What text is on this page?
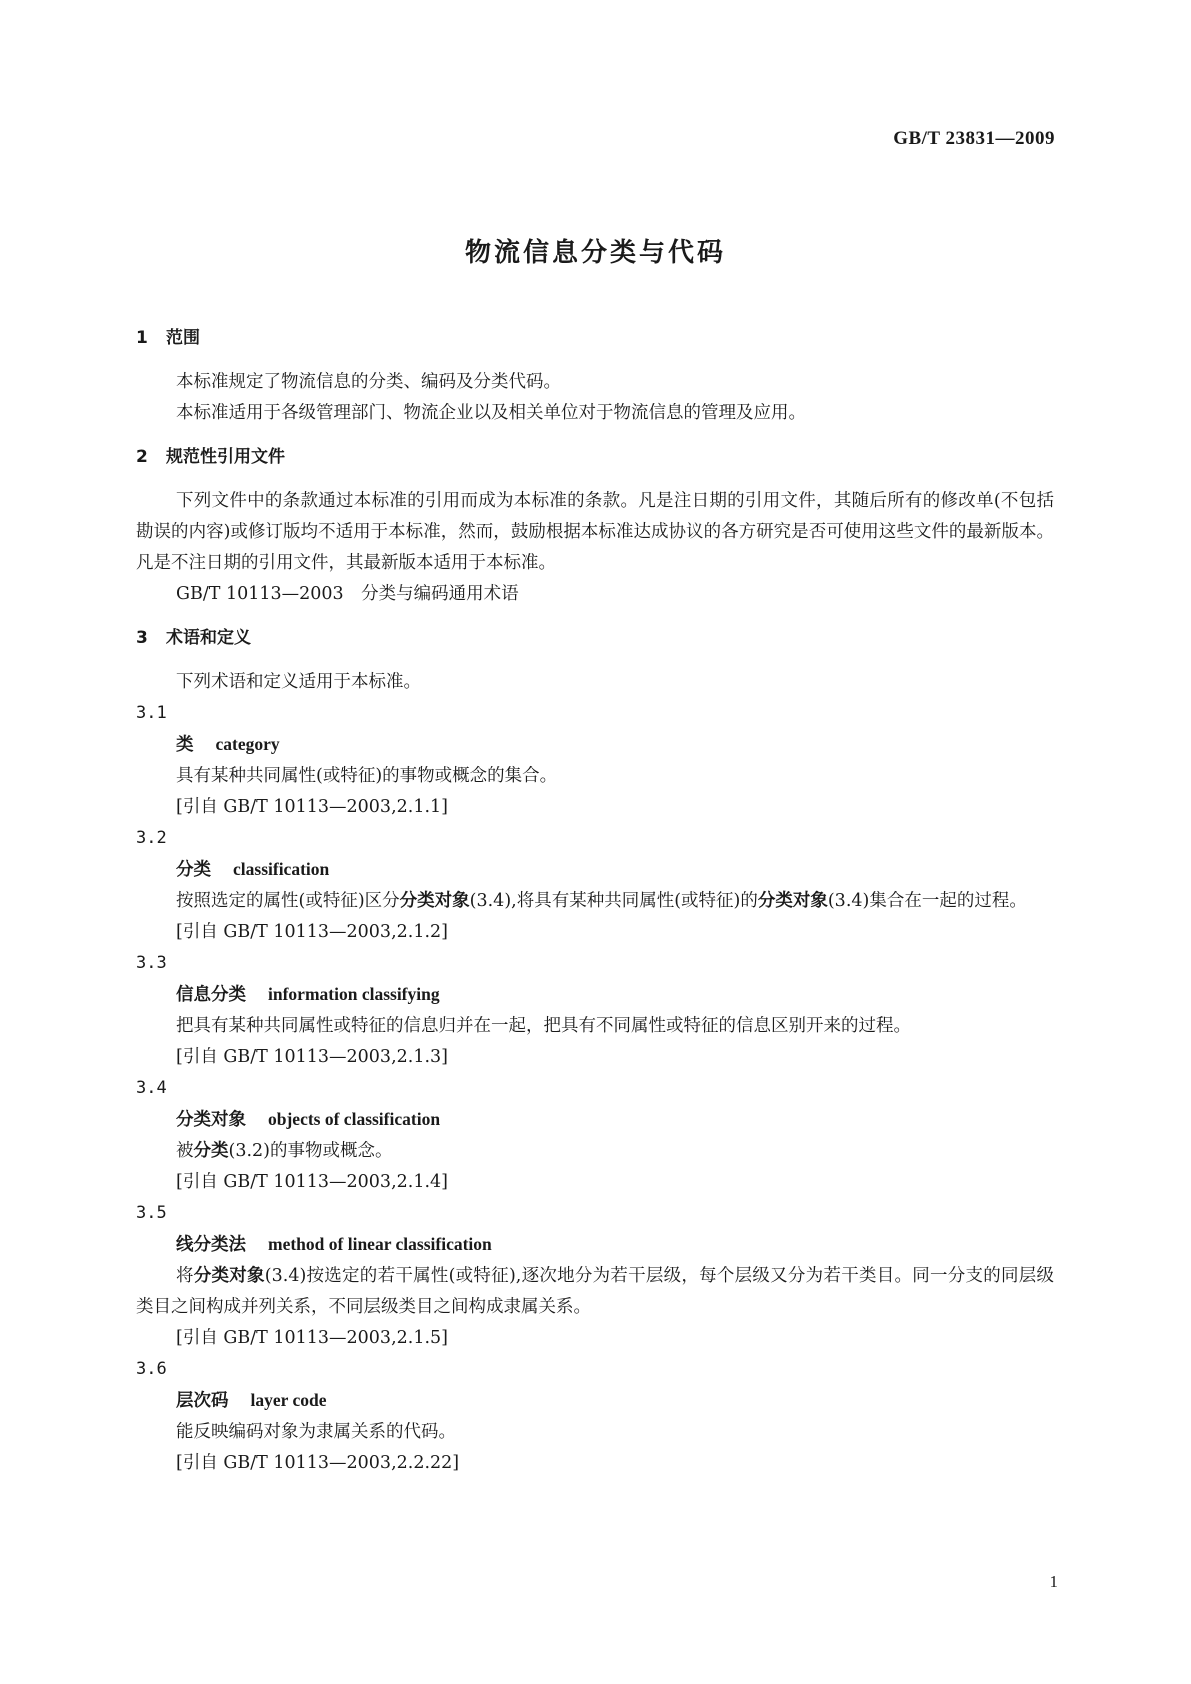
GB/T 23831—2009
物流信息分类与代码
1 范围

本标准规定了物流信息的分类、编码及分类代码。

本标准适用于各级管理部门、物流企业以及相关单位对于物流信息的管理及应用。

2 规范性引用文件

下列文件中的条款通过本标准的引用而成为本标准的条款。凡是注日期的引用文件，其随后所有的修改单(不包括勘误的内容)或修订版均不适用于本标准，然而，鼓励根据本标准达成协议的各方研究是否可使用这些文件的最新版本。凡是不注日期的引用文件，其最新版本适用于本标准。

GB/T 10113—2003　分类与编码通用术语
3 术语和定义

下列术语和定义适用于本标准。

3.1
类 category

具有某种共同属性(或特征)的事物或概念的集合。

[引自 GB/T 10113—2003,2.1.1]

3.2
分类 classification

按照选定的属性(或特征)区分分类对象(3.4),将具有某种共同属性(或特征)的分类对象(3.4)集合在一起的过程。

[引自 GB/T 10113—2003,2.1.2]

3.3
信息分类 information classifying

把具有某种共同属性或特征的信息归并在一起，把具有不同属性或特征的信息区别开来的过程。

[引自 GB/T 10113—2003,2.1.3]

3.4
分类对象 objects of classification

被分类(3.2)的事物或概念。

[引自 GB/T 10113—2003,2.1.4]

3.5
线分类法 method of linear classification

将分类对象(3.4)按选定的若干属性(或特征),逐次地分为若干层级，每个层级又分为若干类目。同一分支的同层级类目之间构成并列关系，不同层级类目之间构成隶属关系。

[引自 GB/T 10113—2003,2.1.5]

3.6
层次码 layer code

能反映编码对象为隶属关系的代码。

[引自 GB/T 10113—2003,2.2.22]

1
